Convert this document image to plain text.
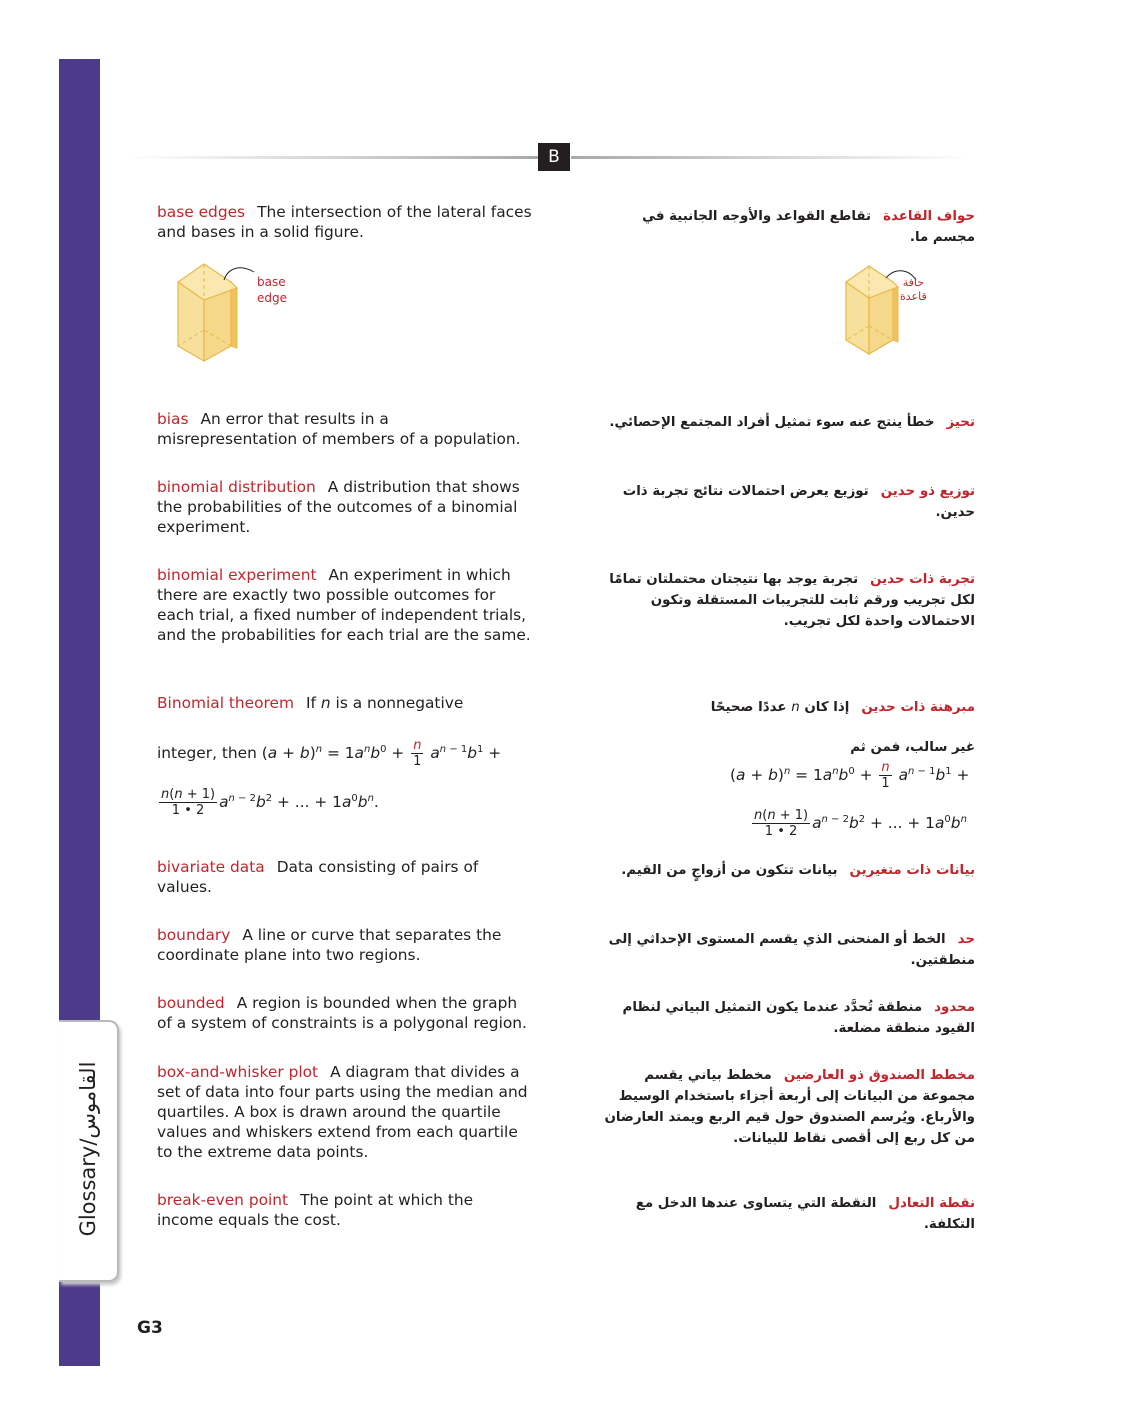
Glossary/القاموس
B
base edges The intersection of the lateral faces and bases in a solid figure.
حواف القاعدةتقاطع القواعد والأوجه الجانبية في مجسم ما.
base
edge
حافة
قاعدة
bias An error that results in a misrepresentation of members of a population.
تحيزخطأ ينتج عنه سوء تمثيل أفراد المجتمع الإحصائي.
binomial distribution A distribution that shows the probabilities of the outcomes of a binomial experiment.
توزيع ذو حدينتوزيع يعرض احتمالات نتائج تجربة ذات حدين.
binomial experiment An experiment in which there are exactly two possible outcomes for each trial, a fixed number of independent trials, and the probabilities for each trial are the same.
تجربة ذات حدينتجربة يوجد بها نتيجتان محتملتان تمامًا لكل تجريب ورقم ثابت للتجريبات المستقلة وتكون الاحتمالات واحدة لكل تجريب.
Binomial theorem If n is a nonnegative	مبرهنة ذات حدينإذا كان n عددًا صحيحًا
غير سالب، فمن ثم
integer, then $(a + b)^n = 1a^nb^0 + \frac{n}{1} a^{n - 1}b^1$ +
$\frac{n(n + 1)}{1 • 2} a^{n - 2}b^2$ + ... + $1a^0b^n$.
$(a + b)^n = 1a^nb^0 + \frac{n}{1} a^{n - 1}b^1$ +
$\frac{n(n + 1)}{1 • 2} a^{n - 2}b^2$ + ... + $1a^0b^n$
bivariate data Data consisting of pairs of values.
بيانات ذات متغيرينبيانات تتكون من أزواجٍ من القيم.
boundary A line or curve that separates the coordinate plane into two regions.
حدالخط أو المنحنى الذي يقسم المستوى الإحداثي إلى منطقتين.
bounded A region is bounded when the graph of a system of constraints is a polygonal region.
محدودمنطقة تُحدَّد عندما يكون التمثيل البياني لنظام القيود منطقة مضلعة.
box-and-whisker plot A diagram that divides a set of data into four parts using the median and quartiles. A box is drawn around the quartile values and whiskers extend from each quartile to the extreme data points.
مخطط الصندوق ذو العارضينمخطط بياني يقسم مجموعة من البيانات إلى أربعة أجزاء باستخدام الوسيط والأرباع. ويُرسم الصندوق حول قيم الربع ويمتد العارضان من كل ربع إلى أقصى نقاط للبيانات.
break-even point The point at which the income equals the cost.
نقطة التعادلالنقطة التي يتساوى عندها الدخل مع التكلفة.
G3
